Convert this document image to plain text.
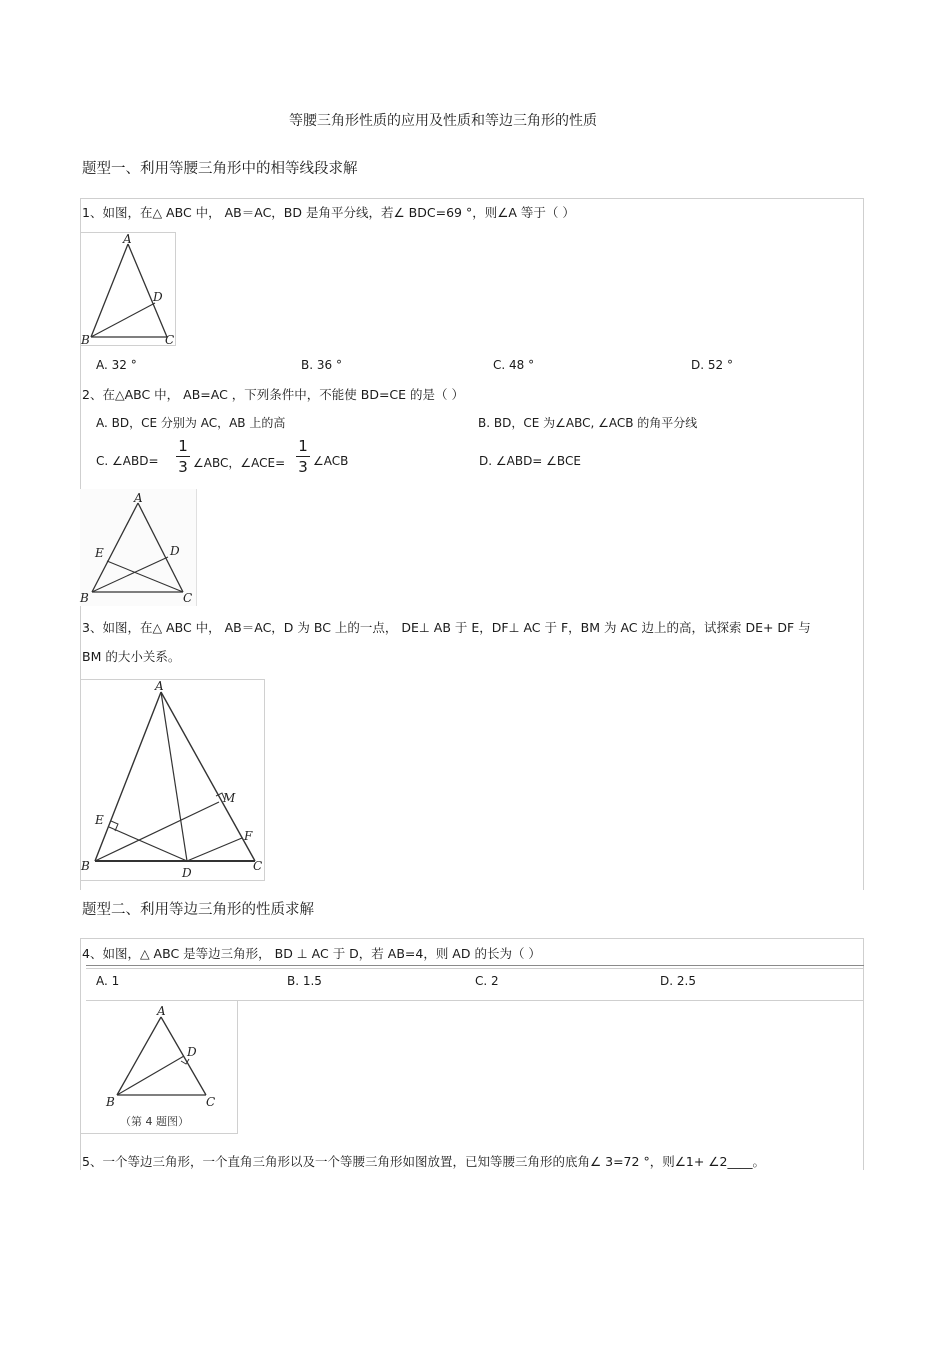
等腰三角形性质的应用及性质和等边三角形的性质
题型一、利用等腰三角形中的相等线段求解
1、如图，在△ ABC 中， AB＝AC，BD 是角平分线，若∠ BDC=69 °，则∠A 等于（ ）
A
D
B	C
A. 32 °	B. 36 °	C. 48 °	D. 52 °
2、在△ABC 中， AB=AC ，下列条件中，不能使 BD=CE 的是（ ）
A. BD，CE 分别为 AC，AB 上的高	B. BD，CE 为∠ABC, ∠ACB 的角平分线
C. ∠ABD=
1
3 ∠ABC，∠ACE=
1
3 ∠ACB	D. ∠ABD= ∠BCE
A
E	D
B	C
3、如图，在△ ABC 中， AB＝AC，D 为 BC 上的一点， DE⊥ AB 于 E，DF⊥ AC 于 F，BM 为 AC 边上的高，试探索 DE+ DF 与
BM 的大小关系。
A
M
E
F
B	D	C
题型二、利用等边三角形的性质求解
4、如图，△ ABC 是等边三角形， BD ⊥ AC 于 D，若 AB=4，则 AD 的长为（ ）
A. 1	B. 1.5	C. 2	D. 2.5
A
D
B	C
（第 4 题图）
5、一个等边三角形，一个直角三角形以及一个等腰三角形如图放置，已知等腰三角形的底角∠ 3=72 °，则∠1+ ∠2____。
